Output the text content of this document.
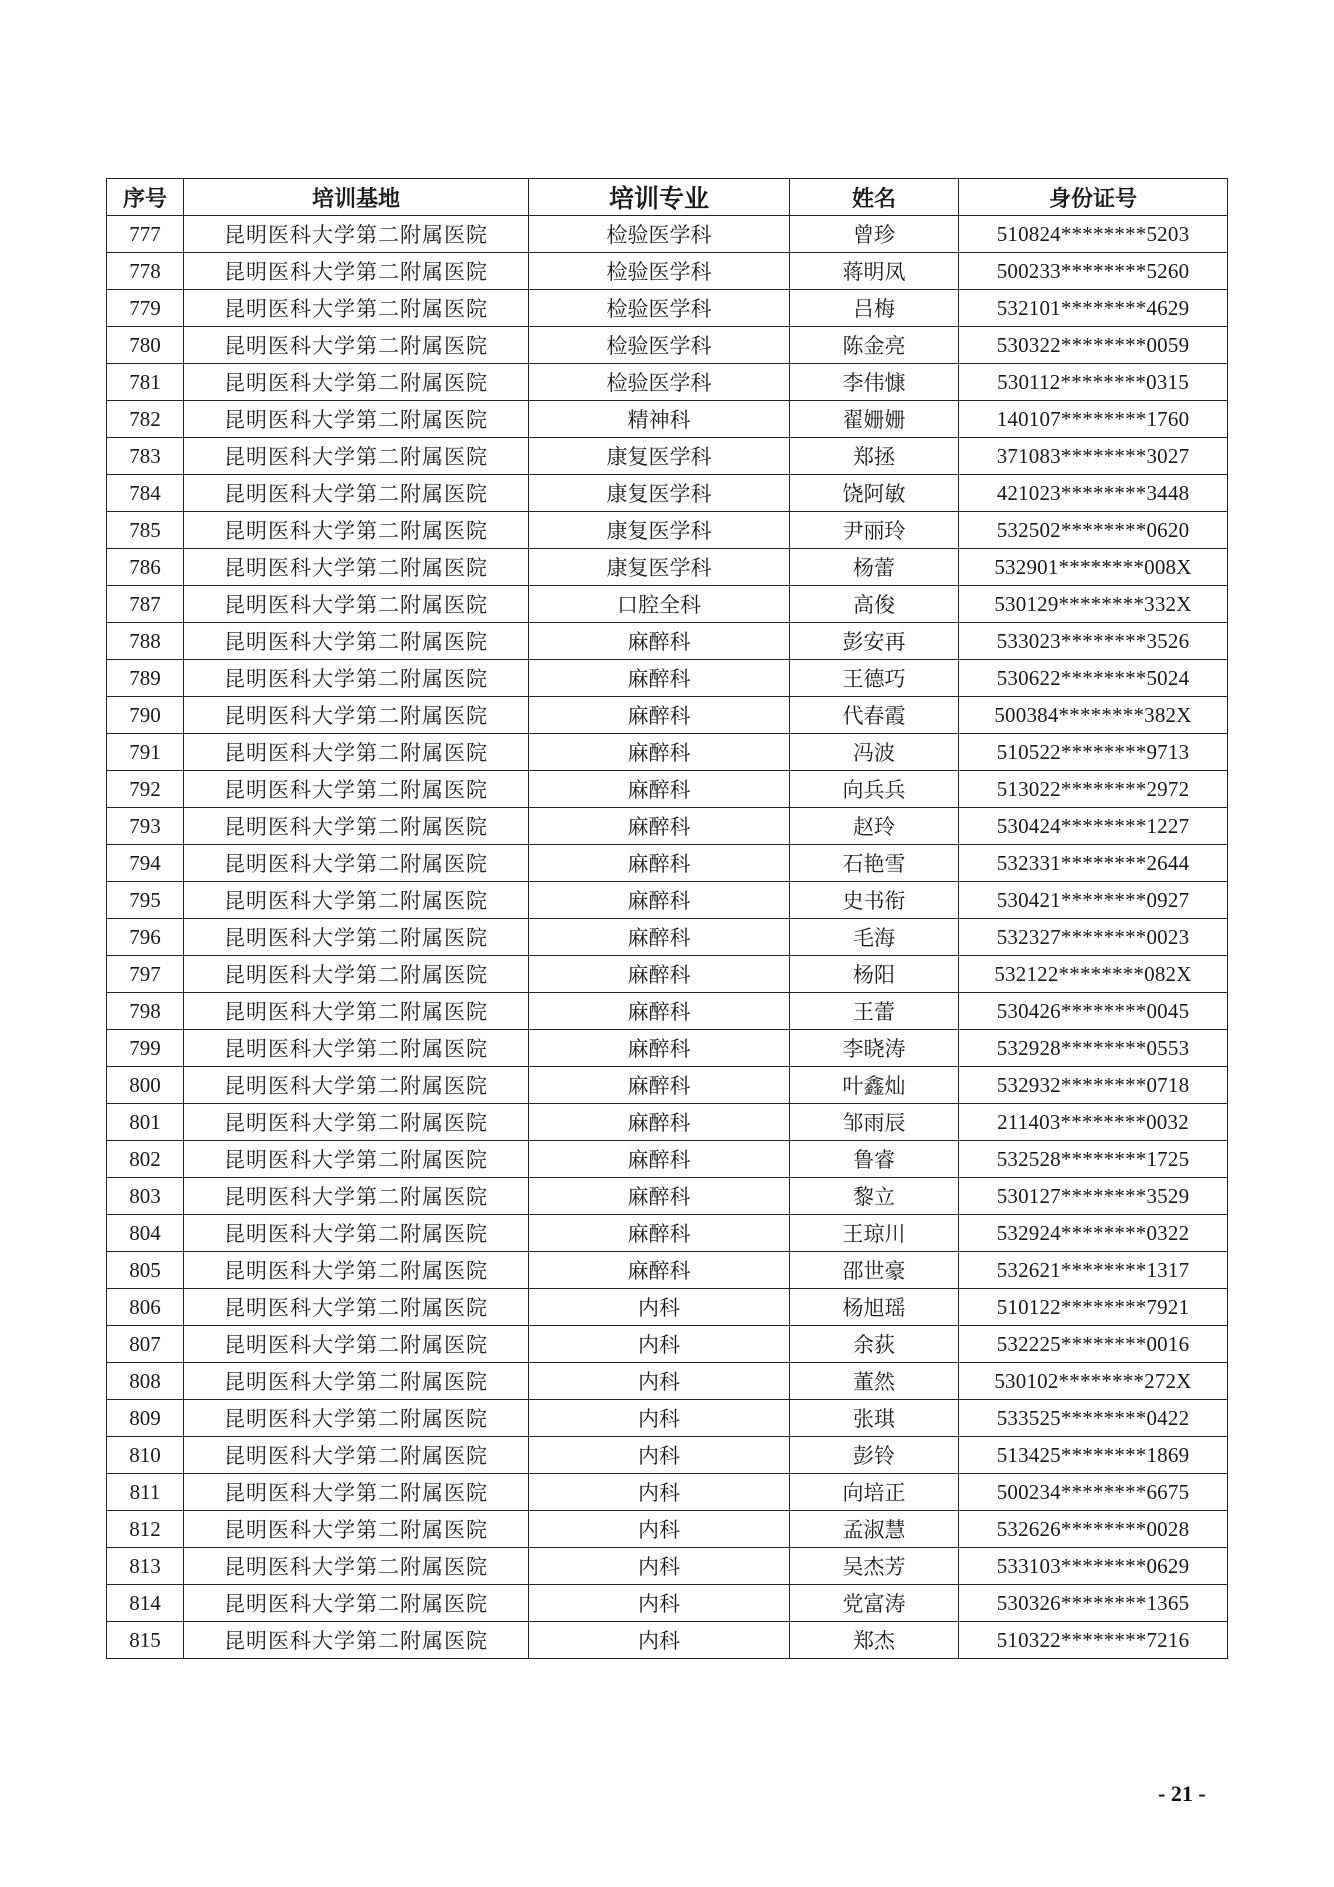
序号	培训基地	培训专业	姓名	身份证号
777	昆明医科大学第二附属医院	检验医学科	曾珍	510824********5203
778	昆明医科大学第二附属医院	检验医学科	蒋明凤	500233********5260
779	昆明医科大学第二附属医院	检验医学科	吕梅	532101********4629
780	昆明医科大学第二附属医院	检验医学科	陈金亮	530322********0059
781	昆明医科大学第二附属医院	检验医学科	李伟慷	530112********0315
782	昆明医科大学第二附属医院	精神科	翟姗姗	140107********1760
783	昆明医科大学第二附属医院	康复医学科	郑拯	371083********3027
784	昆明医科大学第二附属医院	康复医学科	饶阿敏	421023********3448
785	昆明医科大学第二附属医院	康复医学科	尹丽玲	532502********0620
786	昆明医科大学第二附属医院	康复医学科	杨蕾	532901********008X
787	昆明医科大学第二附属医院	口腔全科	高俊	530129********332X
788	昆明医科大学第二附属医院	麻醉科	彭安再	533023********3526
789	昆明医科大学第二附属医院	麻醉科	王德巧	530622********5024
790	昆明医科大学第二附属医院	麻醉科	代春霞	500384********382X
791	昆明医科大学第二附属医院	麻醉科	冯波	510522********9713
792	昆明医科大学第二附属医院	麻醉科	向兵兵	513022********2972
793	昆明医科大学第二附属医院	麻醉科	赵玲	530424********1227
794	昆明医科大学第二附属医院	麻醉科	石艳雪	532331********2644
795	昆明医科大学第二附属医院	麻醉科	史书衔	530421********0927
796	昆明医科大学第二附属医院	麻醉科	毛海	532327********0023
797	昆明医科大学第二附属医院	麻醉科	杨阳	532122********082X
798	昆明医科大学第二附属医院	麻醉科	王蕾	530426********0045
799	昆明医科大学第二附属医院	麻醉科	李晓涛	532928********0553
800	昆明医科大学第二附属医院	麻醉科	叶鑫灿	532932********0718
801	昆明医科大学第二附属医院	麻醉科	邹雨辰	211403********0032
802	昆明医科大学第二附属医院	麻醉科	鲁睿	532528********1725
803	昆明医科大学第二附属医院	麻醉科	黎立	530127********3529
804	昆明医科大学第二附属医院	麻醉科	王琼川	532924********0322
805	昆明医科大学第二附属医院	麻醉科	邵世豪	532621********1317
806	昆明医科大学第二附属医院	内科	杨旭瑶	510122********7921
807	昆明医科大学第二附属医院	内科	余荻	532225********0016
808	昆明医科大学第二附属医院	内科	董然	530102********272X
809	昆明医科大学第二附属医院	内科	张琪	533525********0422
810	昆明医科大学第二附属医院	内科	彭铃	513425********1869
811	昆明医科大学第二附属医院	内科	向培正	500234********6675
812	昆明医科大学第二附属医院	内科	孟淑慧	532626********0028
813	昆明医科大学第二附属医院	内科	吴杰芳	533103********0629
814	昆明医科大学第二附属医院	内科	党富涛	530326********1365
815	昆明医科大学第二附属医院	内科	郑杰	510322********7216
- 21 -
